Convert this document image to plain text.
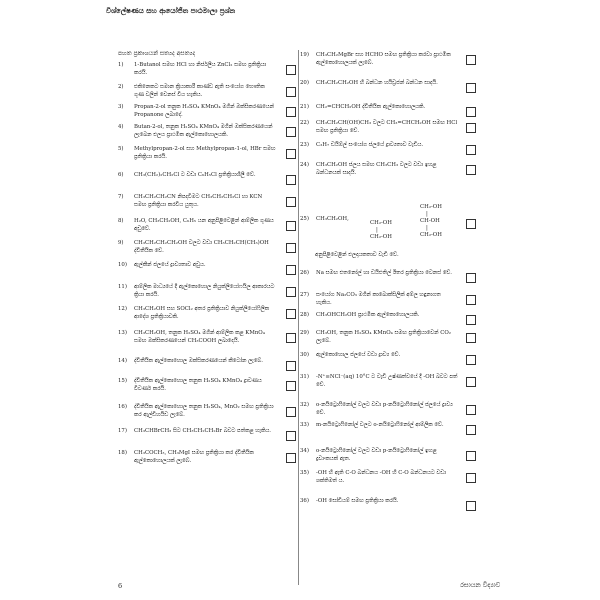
විශ්ලේෂණය සහ ආයෝජිත පාඨමාලා ප්‍රශ්න
පහත ප්‍රකාශයන් සත්‍යද අසත්‍යද
1) 1-Butanol සමඟ HCl හා නිර්ජලීය ZnCl₂ සමඟ ප්‍රතික්‍රියා කරයි.
2) එකිනෙකට සමාන ක්‍රියාකාරී කාණ්ඩ ඇති සංයෝග භෞතික ගුණ වලින් වෙනස් විය හැකිය.
3) Propan-2-ol තනුක H₂SO₄ KMnO₄ මගින් ඔක්සිකරණයෙන් Propanone ලබාදේ.
4) Butan-2-ol, තනුක H₂SO₄ KMnO₄ මගින් ඔක්සිකරණයෙන් ලැබෙන එලය ප්‍රාථමික ඇල්කොහොලයකි.
5) Methylpropan-2-ol සහ Methylpropan-1-ol, HBr සමඟ ප්‍රතික්‍රියා කරයි.
6) CH₃(CH₂)₂CH₂Cl ට වඩා C₆H₅Cl ප්‍රතික්‍රියාශීලී වේ.
7) CH₃CH₂CH₂CN නිපදවීමට CH₃CH₂CH₂Cl හා KCN සමඟ ප්‍රතික්‍රියා කරවිය යුතුය.
8) H₂O, CH₃CH₂OH, C₆H₅ යන අනුපිළිවෙළින් ආම්ලික ගුණය අඩුවේ.
9) CH₃CH₂CH₂CH₂OH වලට වඩා CH₃CH₂CH(CH₃)OH ද්විතීයික වේ.
10) ඇල්කීන් ජලයේ ද්‍රාව්‍යතාව අඩුය.
11) ආම්ලික මාධ්‍යයේ දී ඇල්කොහොල නියුක්ලියෝෆයිල ආකාරයට ක්‍රියා කරයි.
12) CH₃CH₂OH සහ SOCl₂ අතර ප්‍රතික්‍රියාව නියුක්ලියෝෆිලික ආදේශ ප්‍රතික්‍රියාවකි.
13) CH₃CH₂OH, තනුක H₂SO₄ මගින් ආම්ලික කළ KMnO₄ සමඟ ඔක්සිකරණයෙන් CH₃COOH ලබාදෙයි.
14) ද්විතීයික ඇල්කොහොල ඔක්සිකරණයෙන් කීටෝන ලැබේ.
15) ද්විතීයික ඇල්කොහොල තනුක H₂SO₄ KMnO₄ ද්‍රාවණය විවර්ණ කරයි.
16) ද්විතීයික ඇල්කොහොල තනුක H₂SO₄, MnO₂ සමඟ ප්‍රතික්‍රියා කර ඇල්ඩිහයිඩ ලැබේ.
17) CH₃CHBrCH₃ සිට CH₃CH₂CH₂Br බවට පත්කළ හැකිය.
18) CH₃COCH₃, CH₃MgI සමඟ ප්‍රතික්‍රියා කර ද්විතීයික ඇල්කොහොලයක් ලැබේ.
19) CH₃CH₂MgBr සහ HCHO සමඟ ප්‍රතික්‍රියා කරවා ප්‍රාථමික ඇල්කොහොලයක් ලැබේ.
20) CH₃CH₂CH₂OH හි බන්ධන හයිඩ්‍රජන් බන්ධන සාදයි.
21) CH₂=CHCH₂OH ද්විතීයික ඇල්කොහොලයකි.
22) CH₃CH₂CH(OH)CH₃ වලට CH₃=CHCH₂OH සමඟ HCl සමඟ ප්‍රතික්‍රියා වේ.
23) C₃H₇ ඩයිඕල් සංයෝග ජලයේ ද්‍රාව්‍යතාව වැඩිය.
24) CH₃CH₂OH ජලය සමඟ CH₃CH₃ වලට වඩා ඉහළ බන්ධනයක් සාදයි.
25) CH₃CH₂OH,
26) Na සමඟ එතනෝල් හා ඩයිඑතිල් ඊතර ප්‍රතික්‍රියා වෙනස් වේ.
27) සංයෝග Na₂CO₃ මගින් කාබොක්සිලික් අම්ල හඳුනාගත හැකිය.
28) CH₃OHCH₂OH ප්‍රාථමික ඇල්කොහොලයකි.
29) CH₃OH, තනුක H₂SO₄ KMnO₄ සමඟ ප්‍රතික්‍රියාවෙන් CO₂ ලැබේ.
30) ඇල්කොහොල ජලයේ වඩා ද්‍රාව්‍ය වේ.
31) -N⁺≡NCl⁻(aq) 10°C ට වැඩි උෂ්ණත්වයේ දී -OH බවට පත් වේ.
32) o-නයිට්‍රොෆීනෝල් වලට වඩා p-නයිට්‍රොෆීනෝල් ජලයේ ද්‍රාව්‍ය වේ.
33) m-නයිට්‍රොෆීනෝල් වලට o-නයිට්‍රොෆීනෝල් ආම්ලික වේ.
34) o-නයිට්‍රොෆීනෝල් වලට වඩා p-නයිට්‍රොෆීනෝල් ඉහළ ද්‍රවාංකයක් ඇත.
35) -OH හි ඇති C-O බන්ධනය -OH හි C-O බන්ධනයට වඩා ශක්තිමත් ය.
36) -OH සෝඩියම් සමඟ ප්‍රතික්‍රියා කරයි.
CH₂-OH
|
CH₂-OH
CH₂-OH
|
CH-OH
|
CH₂-OH
අනුපිළිවෙළින් එලදායකතාව වැඩි වේ.
6	රසායන විද්‍යාව
